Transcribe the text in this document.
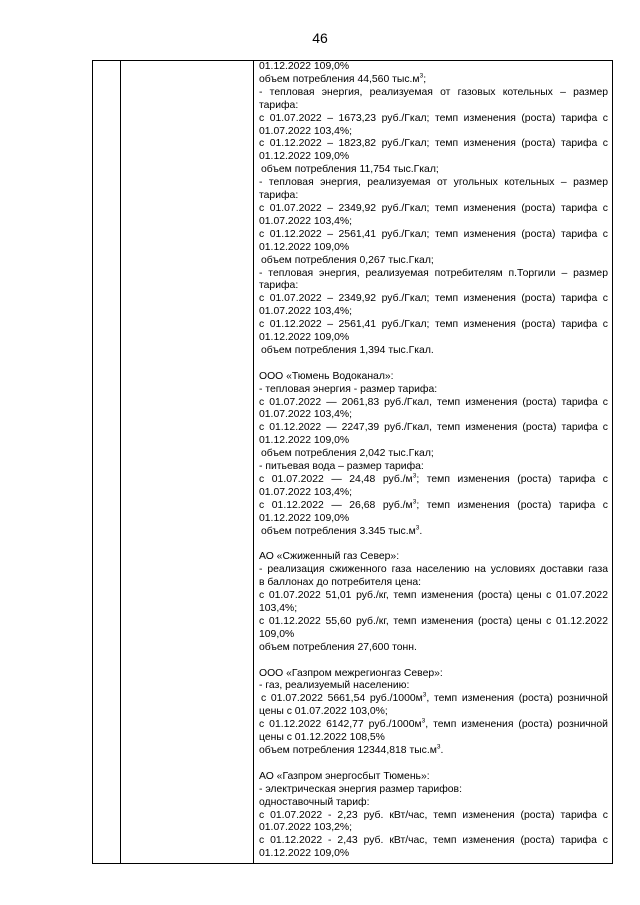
46

01.12.2022 109,0%
объем потребления 44,560 $тыс.м^3$;
- тепловая энергия, реализуемая от газовых котельных – размер
тарифа:
с 01.07.2022 – 1673,23 руб./Гкал; темп изменения (роста) тарифа с
01.07.2022 103,4%;
с 01.12.2022 – 1823,82 руб./Гкал; темп изменения (роста) тарифа с
01.12.2022 109,0%
объем потребления 11,754 тыс.Гкал;
- тепловая энергия, реализуемая от угольных котельных – размер
тарифа:
с 01.07.2022 – 2349,92 руб./Гкал; темп изменения (роста) тарифа с
01.07.2022 103,4%;
с 01.12.2022 – 2561,41 руб./Гкал; темп изменения (роста) тарифа с
01.12.2022 109,0%
объем потребления 0,267 тыс.Гкал;
- тепловая энергия, реализуемая потребителям п.Торгили – размер
тарифа:
с 01.07.2022 – 2349,92 руб./Гкал; темп изменения (роста) тарифа с
01.07.2022 103,4%;
с 01.12.2022 – 2561,41 руб./Гкал; темп изменения (роста) тарифа с
01.12.2022 109,0%
объем потребления 1,394 тыс.Гкал.
ООО «Тюмень Водоканал»:
- тепловая энергия - размер тарифа:
с 01.07.2022 — 2061,83 руб./Гкал, темп изменения (роста) тарифа с
01.07.2022 103,4%;
с 01.12.2022 — 2247,39 руб./Гкал, темп изменения (роста) тарифа с
01.12.2022 109,0%
объем потребления 2,042 тыс.Гкал;
- питьевая вода – размер тарифа:
с 01.07.2022 — 24,48 $руб./м^3$; темп изменения (роста) тарифа с
01.07.2022 103,4%;
с 01.12.2022 — 26,68 $руб./м^3$; темп изменения (роста) тарифа с
01.12.2022 109,0%
объем потребления 3.345 $тыс.м^3$.
АО «Сжиженный газ Север»:
- реализация сжиженного газа населению на условиях доставки газа
в баллонах до потребителя цена:
с 01.07.2022 51,01 руб./кг, темп изменения (роста) цены с 01.07.2022
103,4%;
с 01.12.2022 55,60 руб./кг, темп изменения (роста) цены с 01.12.2022
109,0%
объем потребления 27,600 тонн.
ООО «Газпром межрегионгаз Север»:
- газ, реализуемый населению:
с 01.07.2022 5661,54 $руб./1000м^3$, темп изменения (роста) розничной
цены с 01.07.2022 103,0%;
с 01.12.2022 6142,77 $руб./1000м^3$, темп изменения (роста) розничной
цены с 01.12.2022 108,5%
объем потребления 12344,818 $тыс.м^3$.
АО «Газпром энергосбыт Тюмень»:
- электрическая энергия размер тарифов:
одноставочный тариф:
с 01.07.2022 - 2,23 руб. кВт/час, темп изменения (роста) тарифа с
01.07.2022 103,2%;
с 01.12.2022 - 2,43 руб. кВт/час, темп изменения (роста) тарифа с
01.12.2022 109,0%
